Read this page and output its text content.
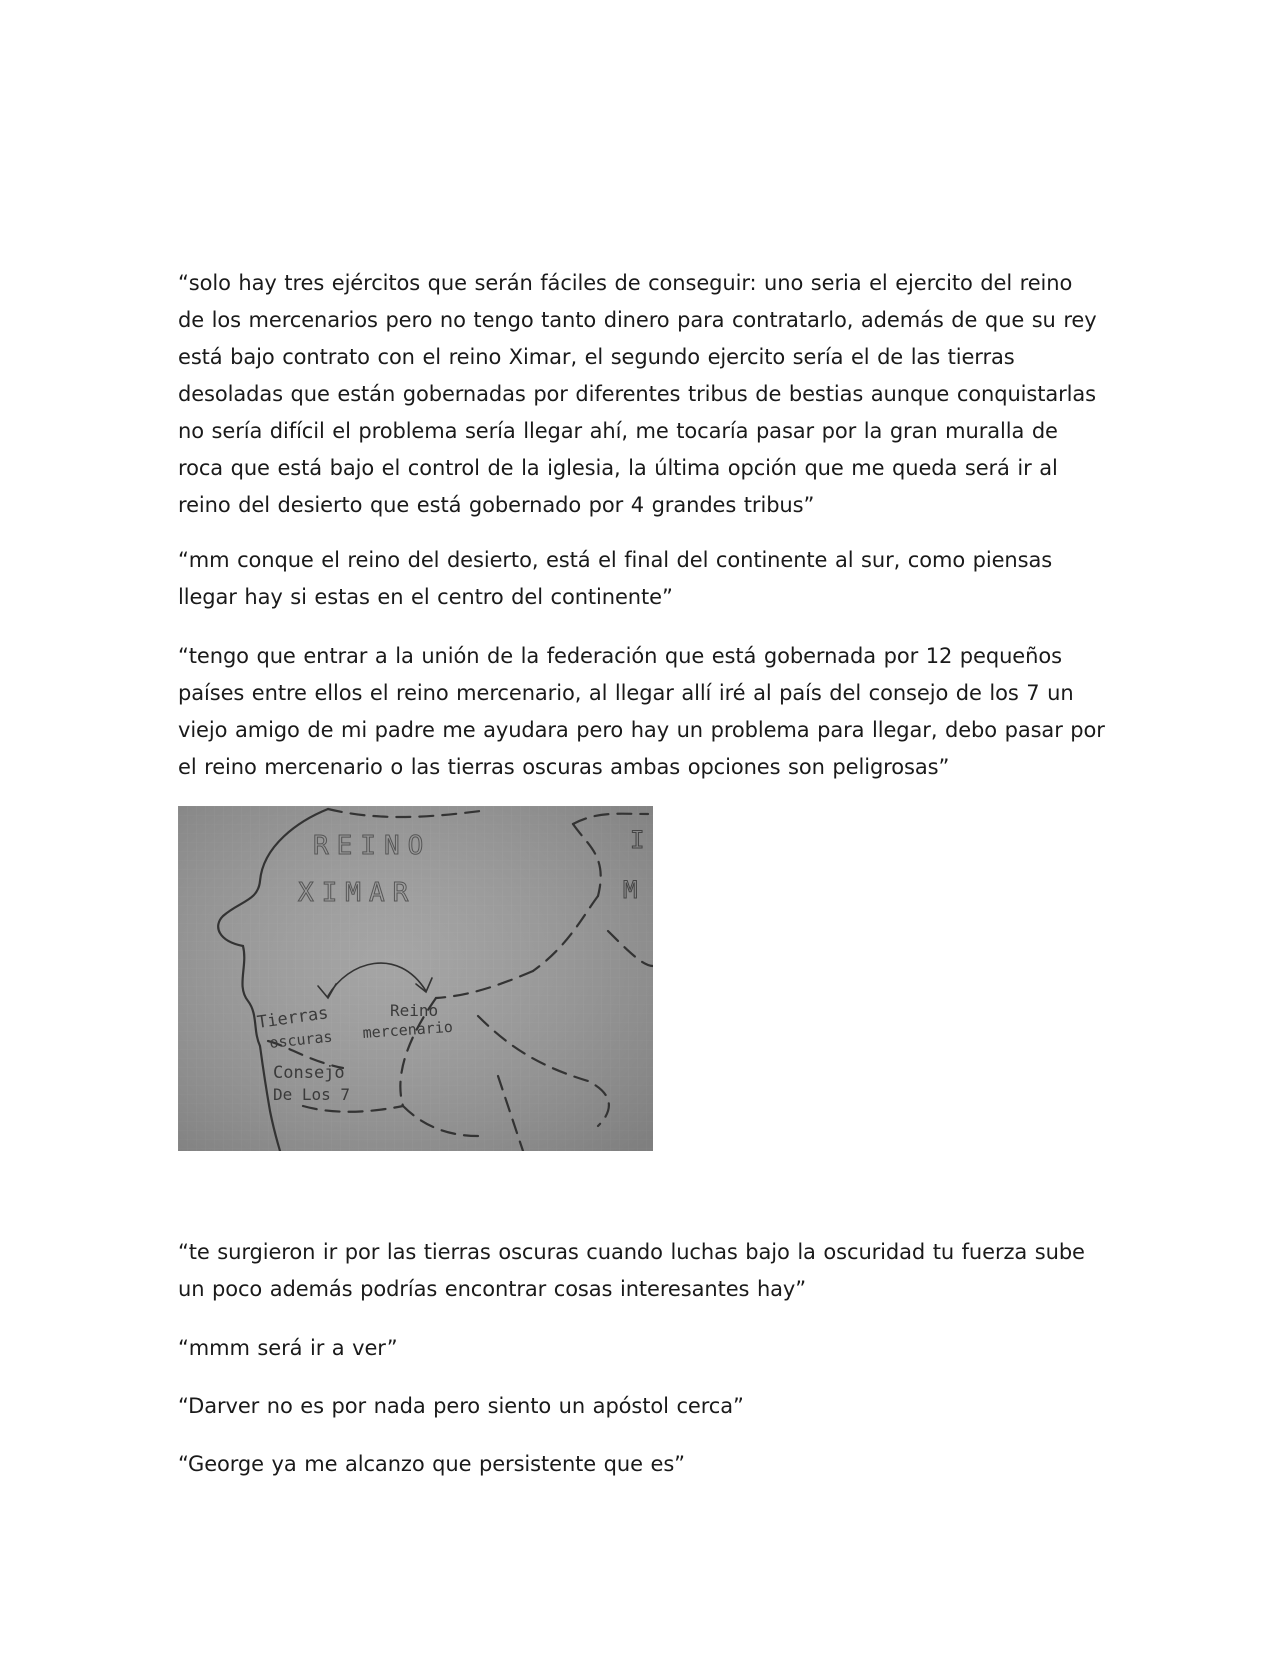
“solo hay tres ejércitos que serán fáciles de conseguir: uno seria el ejercito del reino
de los mercenarios pero no tengo tanto dinero para contratarlo, además de que su rey
está bajo contrato con el reino Ximar, el segundo ejercito sería el de las tierras
desoladas que están gobernadas por diferentes tribus de bestias aunque conquistarlas
no sería difícil el problema sería llegar ahí, me tocaría pasar por la gran muralla de
roca que está bajo el control de la iglesia, la última opción que me queda será ir al
reino del desierto que está gobernado por 4 grandes tribus”

“mm conque el reino del desierto, está el final del continente al sur, como piensas
llegar hay si estas en el centro del continente”

“tengo que entrar a la unión de la federación que está gobernada por 12 pequeños
países entre ellos el reino mercenario, al llegar allí iré al país del consejo de los 7 un
viejo amigo de mi padre me ayudara pero hay un problema para llegar, debo pasar por
el reino mercenario o las tierras oscuras ambas opciones son peligrosas”

REINO
XIMAR
I
M
Tierras
oscuras
Reino
mercenario
Consejo
De Los 7

“te surgieron ir por las tierras oscuras cuando luchas bajo la oscuridad tu fuerza sube
un poco además podrías encontrar cosas interesantes hay”

“mmm será ir a ver”

“Darver no es por nada pero siento un apóstol cerca”

“George ya me alcanzo que persistente que es”
